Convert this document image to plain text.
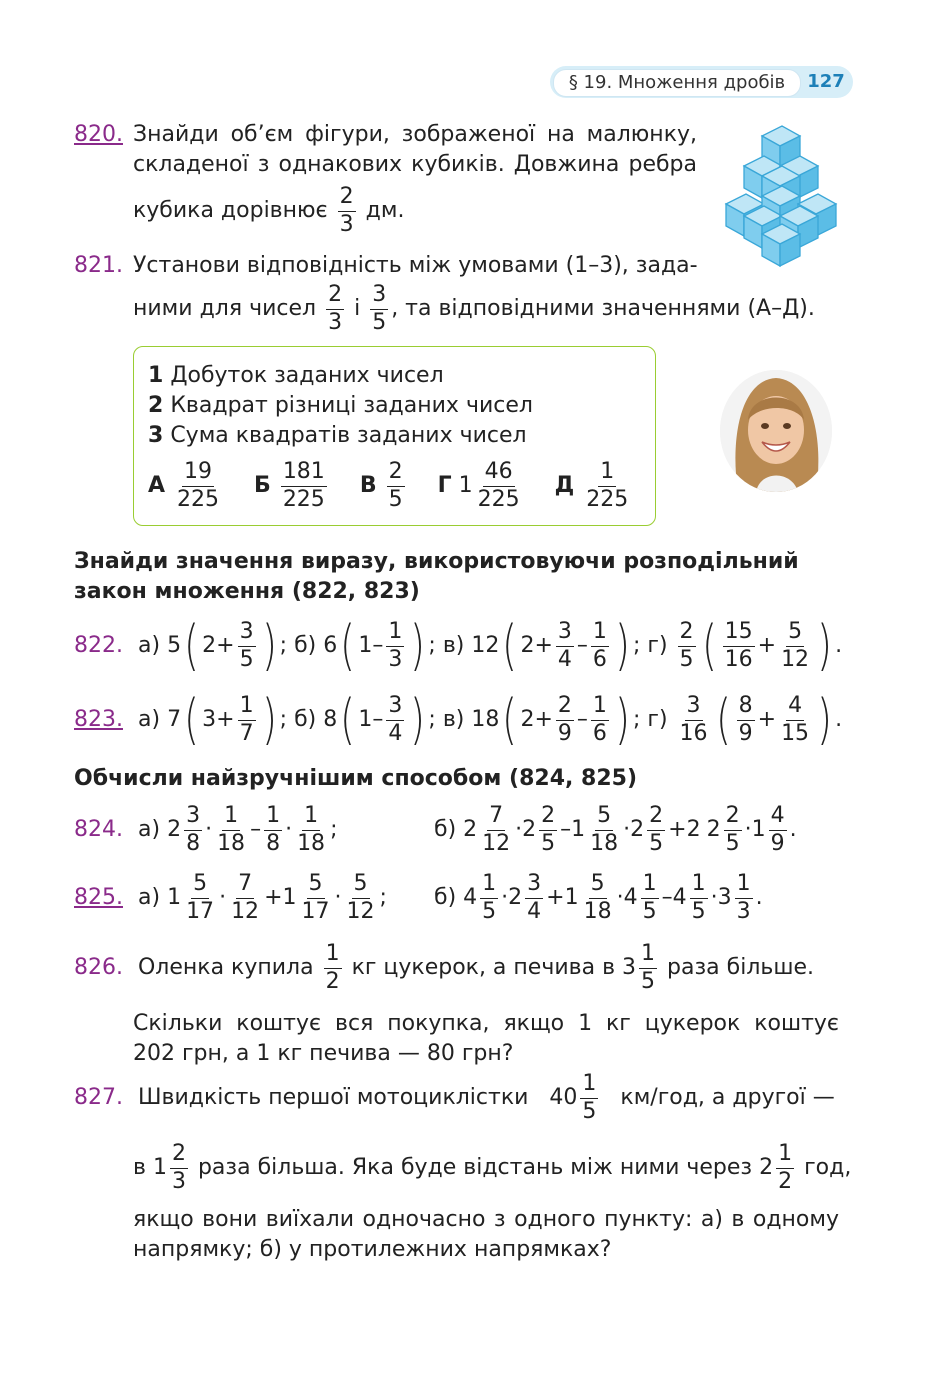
§ 19. Множення дробів	127
820. Знайди об’єм фігури, зображеної на малюнку,
складеної з однакових кубиків. Довжина ребра
кубика дорівнює $\frac{2}{3}$ дм.
821. Установи відповідність між умовами (1–3), зада-
ними для чисел $\frac{2}{3}$ і $\frac{3}{5}$ , та відповідними значеннями (А–Д).
1 Добуток заданих чисел
2 Квадрат різниці заданих чисел
3 Сума квадратів заданих чисел
А $\frac{19}{225}$ Б $\frac{181}{225}$ В $\frac{2}{5}$ Г $1 \frac{46}{225}$ Д $\frac{1}{225}$
Знайди значення виразу, використовуючи розподільний
закон множення (822, 823)
822. а) 5( $2+ \frac{3}{5}$ ) ; б) 6( $1- \frac{1}{3}$ ) ; в) 12( $2+ \frac{3}{4} - \frac{1}{6}$ ) ; $г) \frac{2}{5}$ ( $\frac{15}{16} + \frac{5}{12}$ ) .
823. а) 7( $3+ \frac{1}{7}$ ) ; б) 8( $1- \frac{3}{4}$ ) ; в) 18( $2+ \frac{2}{9} - \frac{1}{6}$ ) ; $г) \frac{3}{16}$ ( $\frac{8}{9} + \frac{4}{15}$ ) .
Обчисли найзручнішим способом (824, 825)
824. а) $2 \frac{3}{8} \cdot \frac{1}{18} - \frac{1}{8} \cdot \frac{1}{18}$ ;	б) $2 \frac{7}{12} \cdot 2 \frac{2}{5} -1 \frac{5}{18} \cdot 2 \frac{2}{5} +2$ $2 \frac{2}{5} \cdot 1 \frac{4}{9}$ .
825. а) $1 \frac{5}{17} \cdot \frac{7}{12} +1 \frac{5}{17} \cdot \frac{5}{12}$ ; б) $4 \frac{1}{5} \cdot 2 \frac{3}{4} +1 \frac{5}{18} \cdot 4 \frac{1}{5} -4 \frac{1}{5} \cdot 3 \frac{1}{3}$ .
826. Оленка купила $\frac{1}{2}$ кг цукерок, а печива в $3 \frac{1}{5}$ раза більше.
Скільки коштує вся покупка, якщо 1 кг цукерок коштує
202 грн, а 1 кг печива — 80 грн?
827. Швидкість першої мотоциклістки $40 \frac{1}{5} км/год$, а другої —
в $1 \frac{2}{3}$ раза більша. Яка буде відстань між ними через $2 \frac{1}{2}$ год,
якщо вони виїхали одночасно з одного пункту: а) в одному
напрямку; б) у протилежних напрямках?
